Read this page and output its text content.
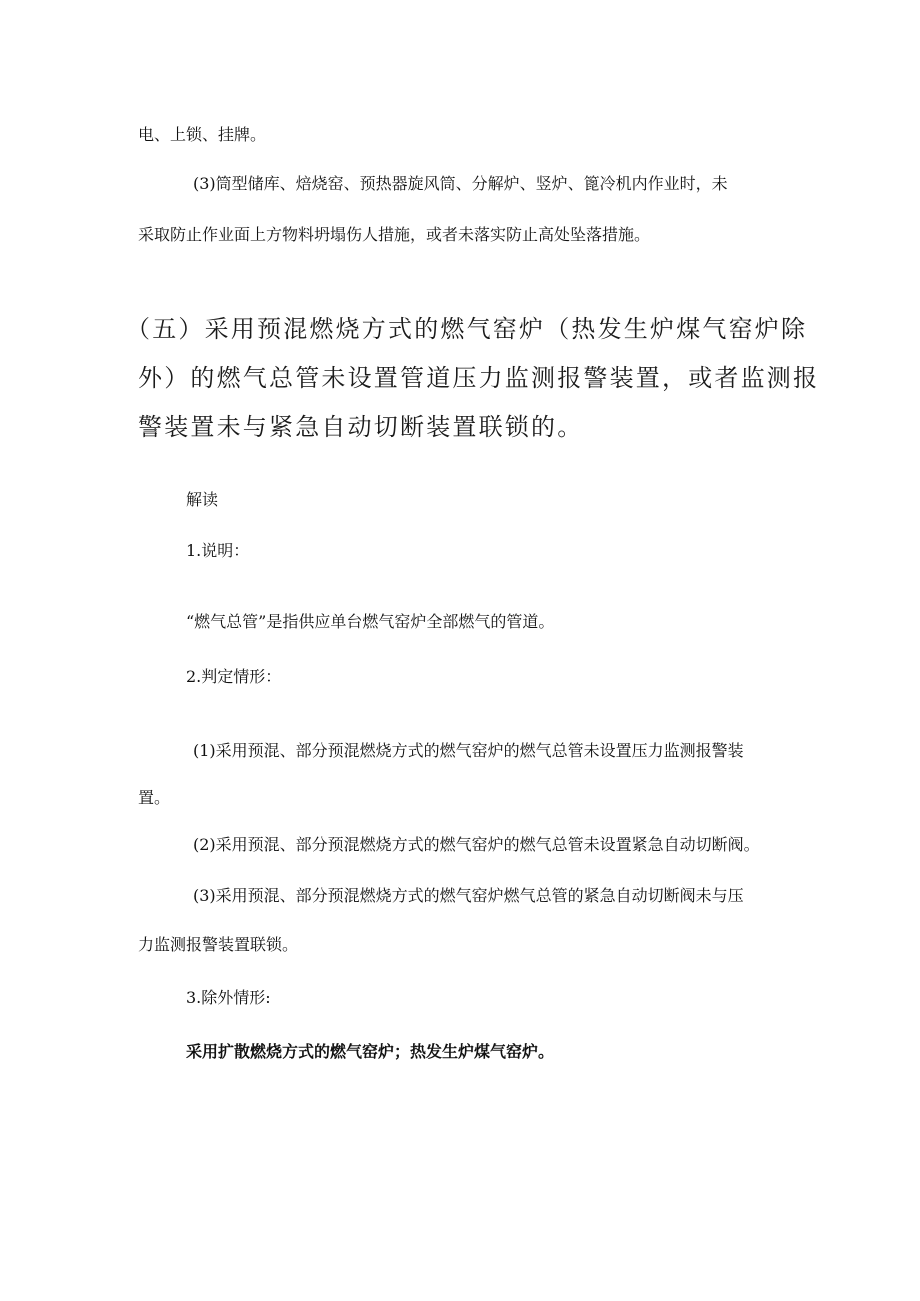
电、上锁、挂牌。
(3)筒型储库、焙烧窑、预热器旋风筒、分解炉、竖炉、篦冷机内作业时，未
采取防止作业面上方物料坍塌伤人措施，或者未落实防止高处坠落措施。
（五）采用预混燃烧方式的燃气窑炉（热发生炉煤气窑炉除
外）的燃气总管未设置管道压力监测报警装置，或者监测报
警装置未与紧急自动切断装置联锁的。
解读
1.说明：
“燃气总管”是指供应单台燃气窑炉全部燃气的管道。
2.判定情形：
(1)采用预混、部分预混燃烧方式的燃气窑炉的燃气总管未设置压力监测报警装
置。
(2)采用预混、部分预混燃烧方式的燃气窑炉的燃气总管未设置紧急自动切断阀。
(3)采用预混、部分预混燃烧方式的燃气窑炉燃气总管的紧急自动切断阀未与压
力监测报警装置联锁。
3.除外情形:
采用扩散燃烧方式的燃气窑炉；热发生炉煤气窑炉。
